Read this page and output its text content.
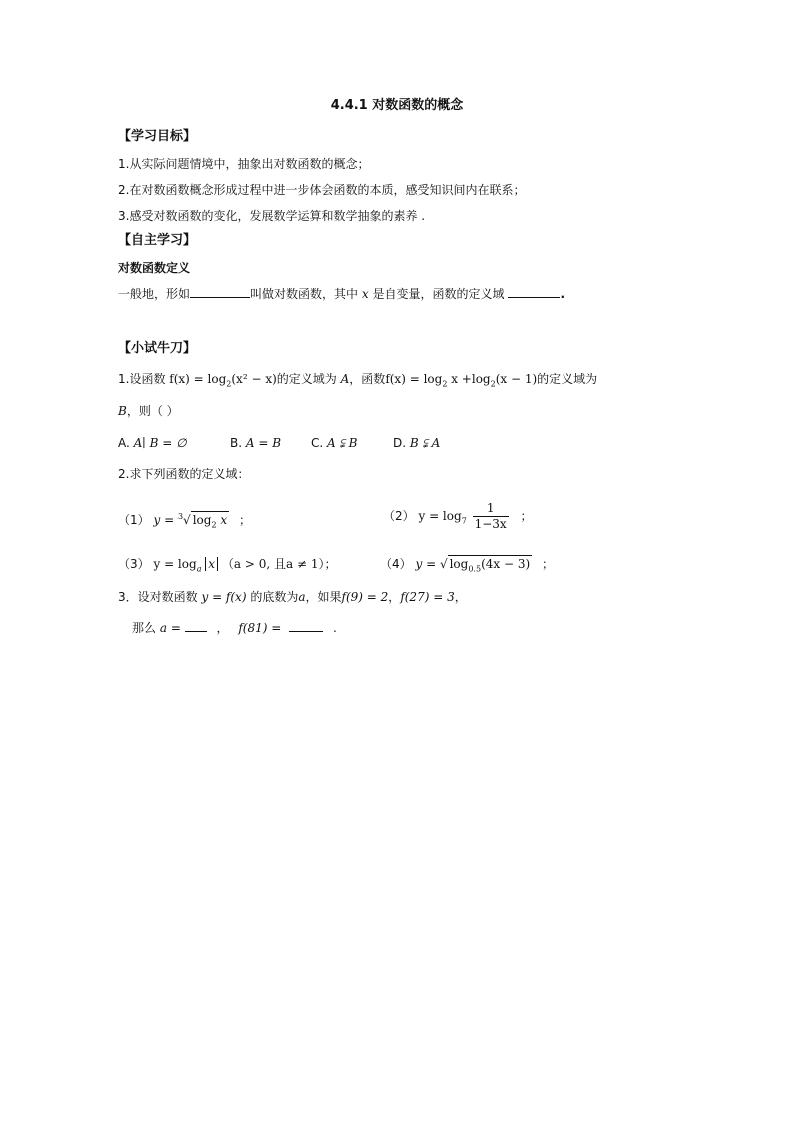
4.4.1 对数函数的概念
【学习目标】
1.从实际问题情境中，抽象出对数函数的概念；
2.在对数函数概念形成过程中进一步体会函数的本质，感受知识间内在联系；
3.感受对数函数的变化，发展数学运算和数学抽象的素养 .
【自主学习】
对数函数定义
一般地，形如	叫做对数函数，其中 x 是自变量，函数的定义域	.
【小试牛刀】
1.设函数 $f(x) = \log_2(x^2 - x)$的定义域为 A，函数$f(x) = \log_2 x +\log_2(x - 1)$的定义域为
B，则（ ）
A. A∣ B = ∅	B. A = B C. A ⫋ B	D. B ⫋ A
2.求下列函数的定义域：
（1） y = $^3$√ $\log_2 x$ ；	（2） $y = \log_7 \frac{1}{1-3x}$ ；
（3） $y = \log_a x$ （a > 0, 且a ≠ 1）；	（4） y = √ $\log_{0.5}(4x - 3)$ ；
3．设对数函数 y = f(x) 的底数为a，如果f(9) = 2，f(27) = 3，
那么 a =	， f(81) =	.
